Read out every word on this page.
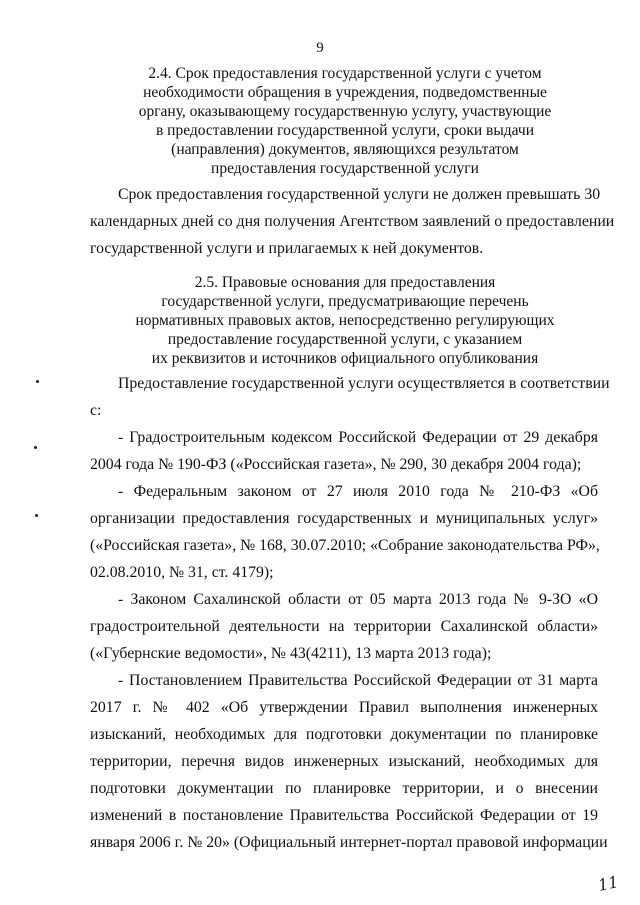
9
2.4. Срок предоставления государственной услуги с учетом
необходимости обращения в учреждения, подведомственные
органу, оказывающему государственную услугу, участвующие
в предоставлении государственной услуги, сроки выдачи
(направления) документов, являющихся результатом
предоставления государственной услуги
Срок предоставления государственной услуги не должен превышать 30
календарных дней со дня получения Агентством заявлений о предоставлении
государственной услуги и прилагаемых к ней документов.
2.5. Правовые основания для предоставления
государственной услуги, предусматривающие перечень
нормативных правовых актов, непосредственно регулирующих
предоставление государственной услуги, с указанием
их реквизитов и источников официального опубликования
Предоставление государственной услуги осуществляется в соответствии
с:
- Градостроительным кодексом Российской Федерации от 29 декабря
2004 года № 190-ФЗ («Российская газета», № 290, 30 декабря 2004 года);
- Федеральным законом от 27 июля 2010 года № 210-ФЗ «Об
организации предоставления государственных и муниципальных услуг»
(«Российская газета», № 168, 30.07.2010; «Собрание законодательства РФ»,
02.08.2010, № 31, ст. 4179);
- Законом Сахалинской области от 05 марта 2013 года № 9-ЗО «О
градостроительной деятельности на территории Сахалинской области»
(«Губернские ведомости», № 43(4211), 13 марта 2013 года);
- Постановлением Правительства Российской Федерации от 31 марта
2017 г. № 402 «Об утверждении Правил выполнения инженерных
изысканий, необходимых для подготовки документации по планировке
территории, перечня видов инженерных изысканий, необходимых для
подготовки документации по планировке территории, и о внесении
изменений в постановление Правительства Российской Федерации от 19
января 2006 г. № 20» (Официальный интернет-портал правовой информации
11
